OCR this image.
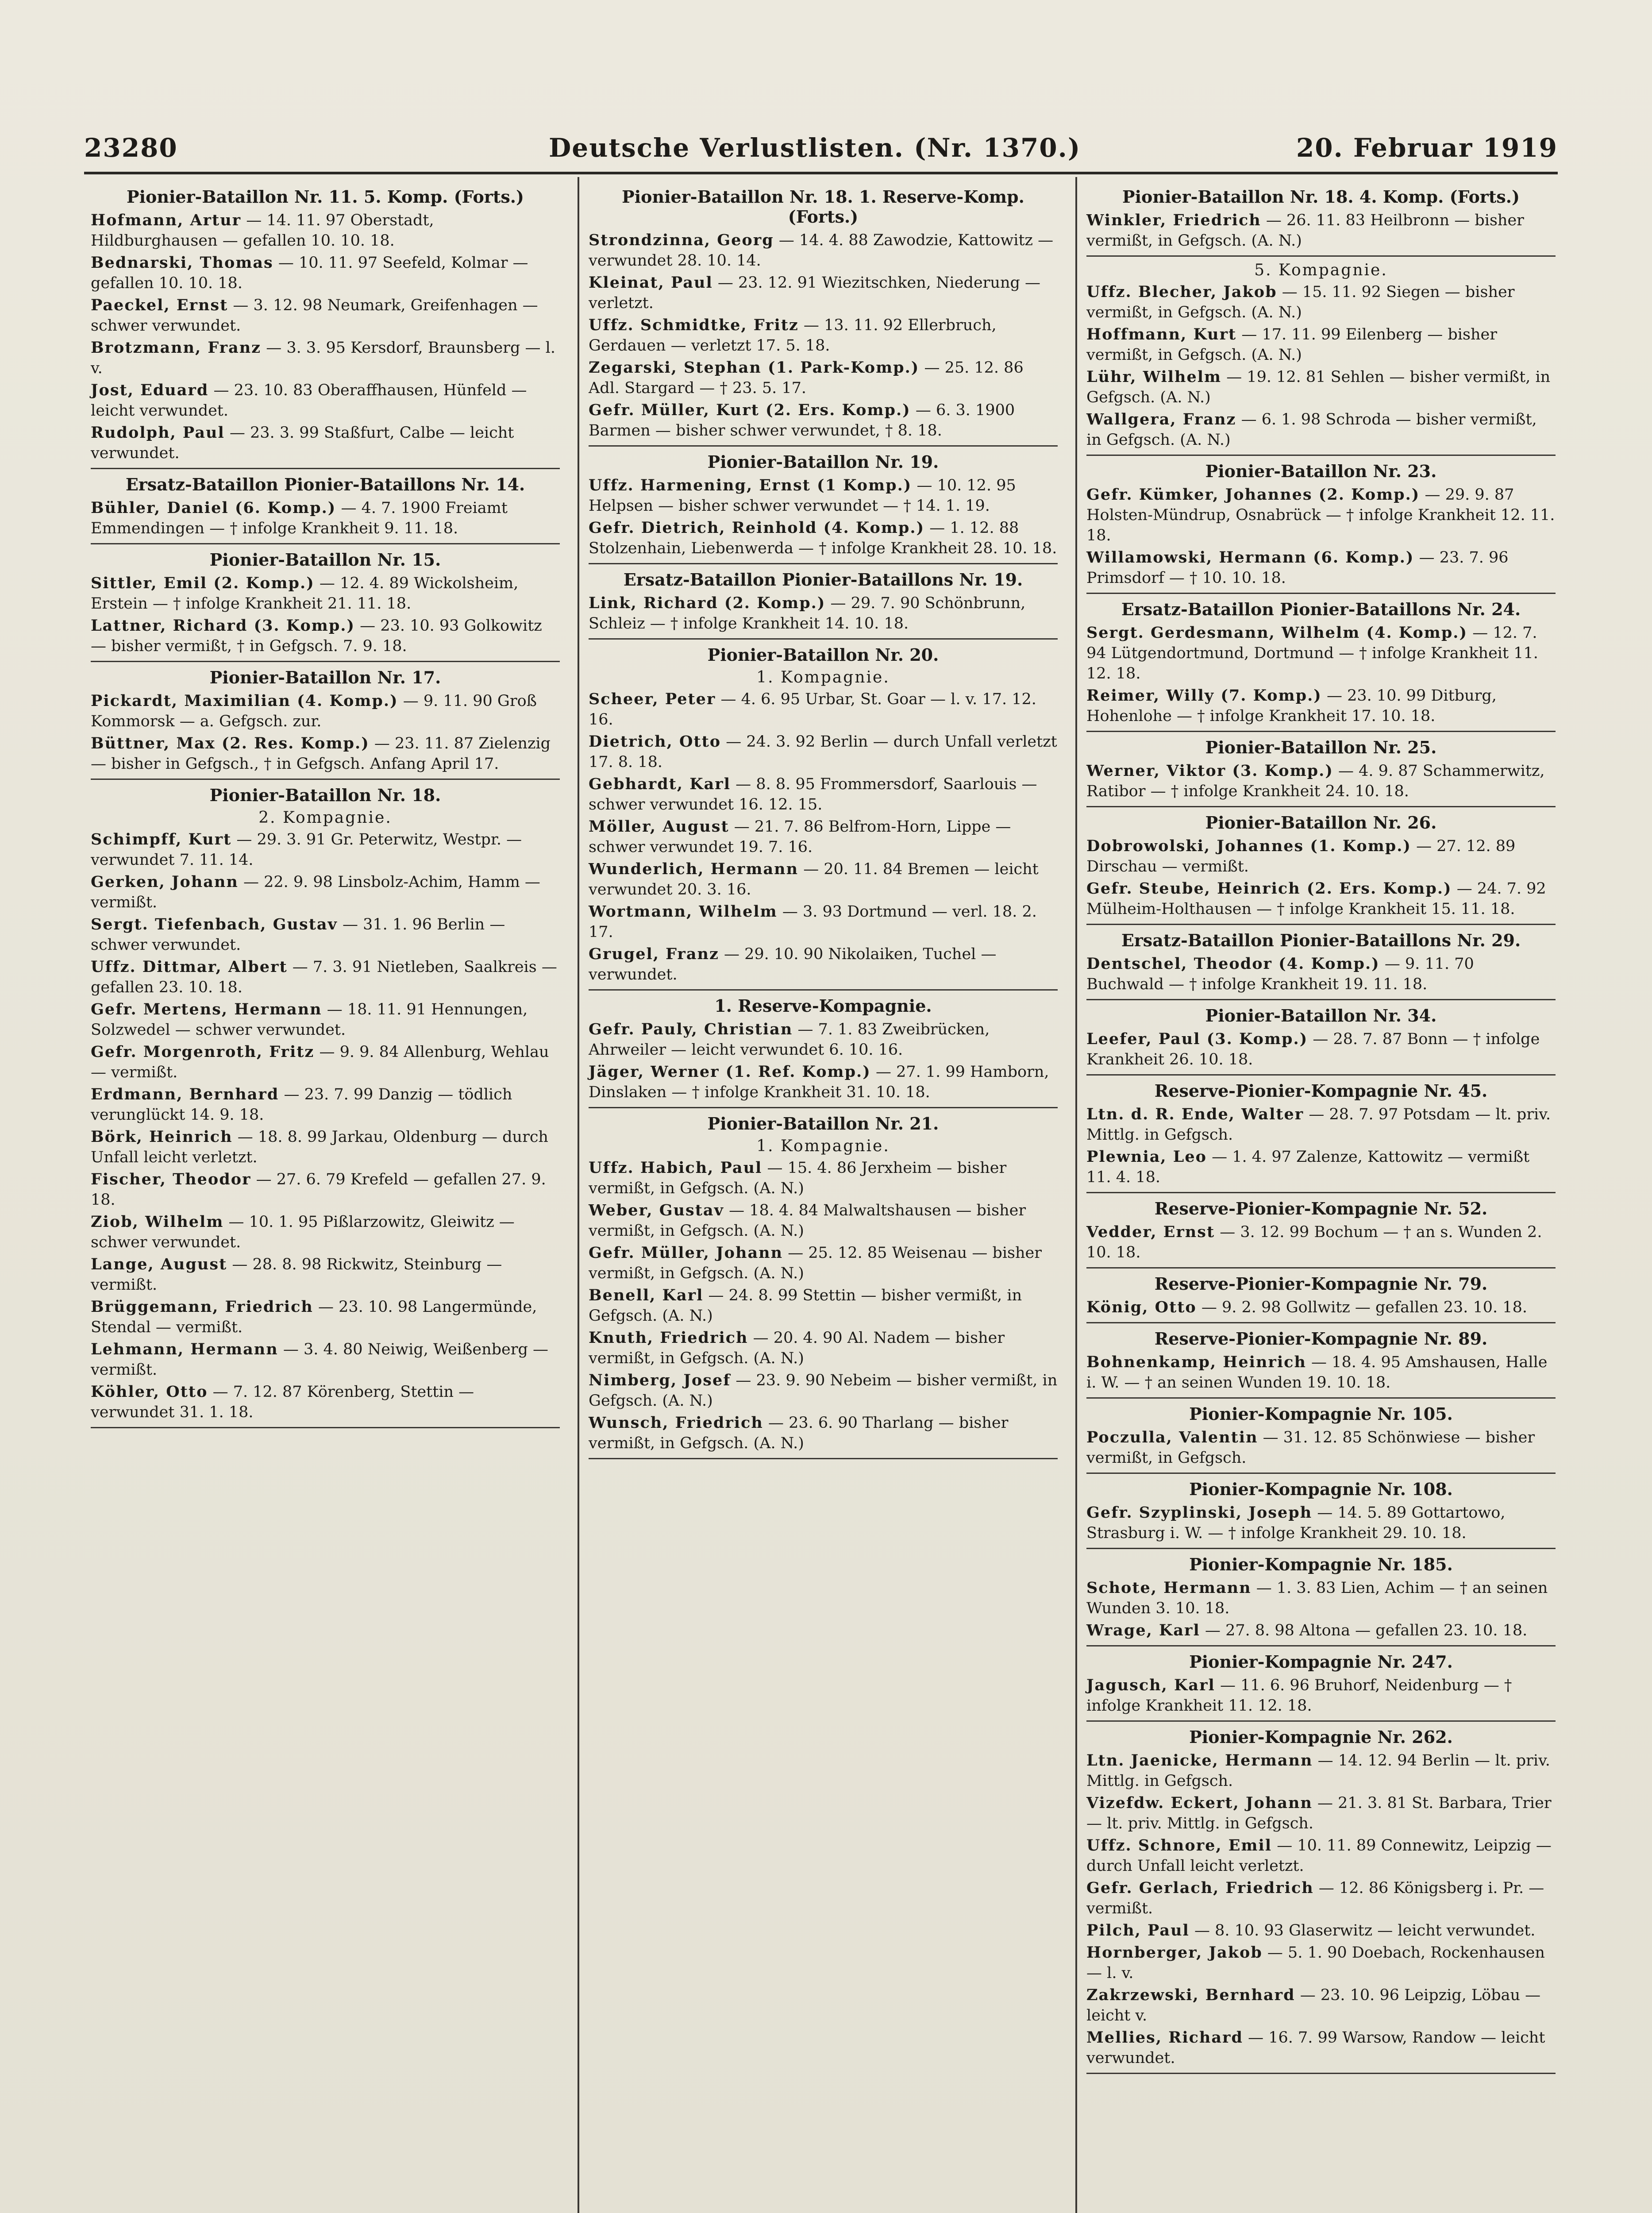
23280	Deutsche Verlustlisten. (Nr. 1370.)	20. Februar 1919
Pionier-Bataillon Nr. 11. 5. Komp. (Forts.)
Hofmann, Artur — 14. 11. 97 Oberstadt, Hildburghausen — gefallen 10. 10. 18.
Bednarski, Thomas — 10. 11. 97 Seefeld, Kolmar — gefallen 10. 10. 18.
Paeckel, Ernst — 3. 12. 98 Neumark, Greifenhagen — schwer verwundet.
Brotzmann, Franz — 3. 3. 95 Kersdorf, Braunsberg — l. v.
Jost, Eduard — 23. 10. 83 Oberaffhausen, Hünfeld — leicht verwundet.
Rudolph, Paul — 23. 3. 99 Staßfurt, Calbe — leicht verwundet.
Ersatz-Bataillon Pionier-Bataillons Nr. 14.
Bühler, Daniel (6. Komp.) — 4. 7. 1900 Freiamt Emmendingen — † infolge Krankheit 9. 11. 18.
Pionier-Bataillon Nr. 15.
Sittler, Emil (2. Komp.) — 12. 4. 89 Wickolsheim, Erstein — † infolge Krankheit 21. 11. 18.
Lattner, Richard (3. Komp.) — 23. 10. 93 Golkowitz — bisher vermißt, † in Gefgsch. 7. 9. 18.
Pionier-Bataillon Nr. 17.
Pickardt, Maximilian (4. Komp.) — 9. 11. 90 Groß Kommorsk — a. Gefgsch. zur.
Büttner, Max (2. Res. Komp.) — 23. 11. 87 Zielenzig — bisher in Gefgsch., † in Gefgsch. Anfang April 17.
Pionier-Bataillon Nr. 18.
2. Kompagnie.
Schimpff, Kurt — 29. 3. 91 Gr. Peterwitz, Westpr. — verwundet 7. 11. 14.
Gerken, Johann — 22. 9. 98 Linsbolz-Achim, Hamm — vermißt.
Sergt. Tiefenbach, Gustav — 31. 1. 96 Berlin — schwer verwundet.
Uffz. Dittmar, Albert — 7. 3. 91 Nietleben, Saalkreis — gefallen 23. 10. 18.
Gefr. Mertens, Hermann — 18. 11. 91 Hennungen, Solzwedel — schwer verwundet.
Gefr. Morgenroth, Fritz — 9. 9. 84 Allenburg, Wehlau — vermißt.
Erdmann, Bernhard — 23. 7. 99 Danzig — tödlich verunglückt 14. 9. 18.
Börk, Heinrich — 18. 8. 99 Jarkau, Oldenburg — durch Unfall leicht verletzt.
Fischer, Theodor — 27. 6. 79 Krefeld — gefallen 27. 9. 18.
Ziob, Wilhelm — 10. 1. 95 Pißlarzowitz, Gleiwitz — schwer verwundet.
Lange, August — 28. 8. 98 Rickwitz, Steinburg — vermißt.
Brüggemann, Friedrich — 23. 10. 98 Langermünde, Stendal — vermißt.
Lehmann, Hermann — 3. 4. 80 Neiwig, Weißenberg — vermißt.
Köhler, Otto — 7. 12. 87 Körenberg, Stettin — verwundet 31. 1. 18.
Pionier-Bataillon Nr. 18. 1. Reserve-Komp. (Forts.)
Strondzinna, Georg — 14. 4. 88 Zawodzie, Kattowitz — verwundet 28. 10. 14.
Kleinat, Paul — 23. 12. 91 Wiezitschken, Niederung — verletzt.
Uffz. Schmidtke, Fritz — 13. 11. 92 Ellerbruch, Gerdauen — verletzt 17. 5. 18.
Zegarski, Stephan (1. Park-Komp.) — 25. 12. 86 Adl. Stargard — † 23. 5. 17.
Gefr. Müller, Kurt (2. Ers. Komp.) — 6. 3. 1900 Barmen — bisher schwer verwundet, † 8. 18.
Pionier-Bataillon Nr. 19.
Uffz. Harmening, Ernst (1 Komp.) — 10. 12. 95 Helpsen — bisher schwer verwundet — † 14. 1. 19.
Gefr. Dietrich, Reinhold (4. Komp.) — 1. 12. 88 Stolzenhain, Liebenwerda — † infolge Krankheit 28. 10. 18.
Ersatz-Bataillon Pionier-Bataillons Nr. 19.
Link, Richard (2. Komp.) — 29. 7. 90 Schönbrunn, Schleiz — † infolge Krankheit 14. 10. 18.
Pionier-Bataillon Nr. 20.
1. Kompagnie.
Scheer, Peter — 4. 6. 95 Urbar, St. Goar — l. v. 17. 12. 16.
Dietrich, Otto — 24. 3. 92 Berlin — durch Unfall verletzt 17. 8. 18.
Gebhardt, Karl — 8. 8. 95 Frommersdorf, Saarlouis — schwer verwundet 16. 12. 15.
Möller, August — 21. 7. 86 Belfrom-Horn, Lippe — schwer verwundet 19. 7. 16.
Wunderlich, Hermann — 20. 11. 84 Bremen — leicht verwundet 20. 3. 16.
Wortmann, Wilhelm — 3. 93 Dortmund — verl. 18. 2. 17.
Grugel, Franz — 29. 10. 90 Nikolaiken, Tuchel — verwundet.
1. Reserve-Kompagnie.
Gefr. Pauly, Christian — 7. 1. 83 Zweibrücken, Ahrweiler — leicht verwundet 6. 10. 16.
Jäger, Werner (1. Ref. Komp.) — 27. 1. 99 Hamborn, Dinslaken — † infolge Krankheit 31. 10. 18.
Pionier-Bataillon Nr. 21.
1. Kompagnie.
Uffz. Habich, Paul — 15. 4. 86 Jerxheim — bisher vermißt, in Gefgsch. (A. N.)
Weber, Gustav — 18. 4. 84 Malwaltshausen — bisher vermißt, in Gefgsch. (A. N.)
Gefr. Müller, Johann — 25. 12. 85 Weisenau — bisher vermißt, in Gefgsch. (A. N.)
Benell, Karl — 24. 8. 99 Stettin — bisher vermißt, in Gefgsch. (A. N.)
Knuth, Friedrich — 20. 4. 90 Al. Nadem — bisher vermißt, in Gefgsch. (A. N.)
Nimberg, Josef — 23. 9. 90 Nebeim — bisher vermißt, in Gefgsch. (A. N.)
Wunsch, Friedrich — 23. 6. 90 Tharlang — bisher vermißt, in Gefgsch. (A. N.)
Pionier-Bataillon Nr. 18. 4. Komp. (Forts.)
Winkler, Friedrich — 26. 11. 83 Heilbronn — bisher vermißt, in Gefgsch. (A. N.)
5. Kompagnie.
Uffz. Blecher, Jakob — 15. 11. 92 Siegen — bisher vermißt, in Gefgsch. (A. N.)
Hoffmann, Kurt — 17. 11. 99 Eilenberg — bisher vermißt, in Gefgsch. (A. N.)
Lühr, Wilhelm — 19. 12. 81 Sehlen — bisher vermißt, in Gefgsch. (A. N.)
Wallgera, Franz — 6. 1. 98 Schroda — bisher vermißt, in Gefgsch. (A. N.)
Pionier-Bataillon Nr. 23.
Gefr. Kümker, Johannes (2. Komp.) — 29. 9. 87 Holsten-Mündrup, Osnabrück — † infolge Krankheit 12. 11. 18.
Willamowski, Hermann (6. Komp.) — 23. 7. 96 Primsdorf — † 10. 10. 18.
Ersatz-Bataillon Pionier-Bataillons Nr. 24.
Sergt. Gerdesmann, Wilhelm (4. Komp.) — 12. 7. 94 Lütgendortmund, Dortmund — † infolge Krankheit 11. 12. 18.
Reimer, Willy (7. Komp.) — 23. 10. 99 Ditburg, Hohenlohe — † infolge Krankheit 17. 10. 18.
Pionier-Bataillon Nr. 25.
Werner, Viktor (3. Komp.) — 4. 9. 87 Schammerwitz, Ratibor — † infolge Krankheit 24. 10. 18.
Pionier-Bataillon Nr. 26.
Dobrowolski, Johannes (1. Komp.) — 27. 12. 89 Dirschau — vermißt.
Gefr. Steube, Heinrich (2. Ers. Komp.) — 24. 7. 92 Mülheim-Holthausen — † infolge Krankheit 15. 11. 18.
Ersatz-Bataillon Pionier-Bataillons Nr. 29.
Dentschel, Theodor (4. Komp.) — 9. 11. 70 Buchwald — † infolge Krankheit 19. 11. 18.
Pionier-Bataillon Nr. 34.
Leefer, Paul (3. Komp.) — 28. 7. 87 Bonn — † infolge Krankheit 26. 10. 18.
Reserve-Pionier-Kompagnie Nr. 45.
Ltn. d. R. Ende, Walter — 28. 7. 97 Potsdam — lt. priv. Mittlg. in Gefgsch.
Plewnia, Leo — 1. 4. 97 Zalenze, Kattowitz — vermißt 11. 4. 18.
Reserve-Pionier-Kompagnie Nr. 52.
Vedder, Ernst — 3. 12. 99 Bochum — † an s. Wunden 2. 10. 18.
Reserve-Pionier-Kompagnie Nr. 79.
König, Otto — 9. 2. 98 Gollwitz — gefallen 23. 10. 18.
Reserve-Pionier-Kompagnie Nr. 89.
Bohnenkamp, Heinrich — 18. 4. 95 Amshausen, Halle i. W. — † an seinen Wunden 19. 10. 18.
Pionier-Kompagnie Nr. 105.
Poczulla, Valentin — 31. 12. 85 Schönwiese — bisher vermißt, in Gefgsch.
Pionier-Kompagnie Nr. 108.
Gefr. Szyplinski, Joseph — 14. 5. 89 Gottartowo, Strasburg i. W. — † infolge Krankheit 29. 10. 18.
Pionier-Kompagnie Nr. 185.
Schote, Hermann — 1. 3. 83 Lien, Achim — † an seinen Wunden 3. 10. 18.
Wrage, Karl — 27. 8. 98 Altona — gefallen 23. 10. 18.
Pionier-Kompagnie Nr. 247.
Jagusch, Karl — 11. 6. 96 Bruhorf, Neidenburg — † infolge Krankheit 11. 12. 18.
Pionier-Kompagnie Nr. 262.
Ltn. Jaenicke, Hermann — 14. 12. 94 Berlin — lt. priv. Mittlg. in Gefgsch.
Vizefdw. Eckert, Johann — 21. 3. 81 St. Barbara, Trier — lt. priv. Mittlg. in Gefgsch.
Uffz. Schnore, Emil — 10. 11. 89 Connewitz, Leipzig — durch Unfall leicht verletzt.
Gefr. Gerlach, Friedrich — 12. 86 Königsberg i. Pr. — vermißt.
Pilch, Paul — 8. 10. 93 Glaserwitz — leicht verwundet.
Hornberger, Jakob — 5. 1. 90 Doebach, Rockenhausen — l. v.
Zakrzewski, Bernhard — 23. 10. 96 Leipzig, Löbau — leicht v.
Mellies, Richard — 16. 7. 99 Warsow, Randow — leicht verwundet.
